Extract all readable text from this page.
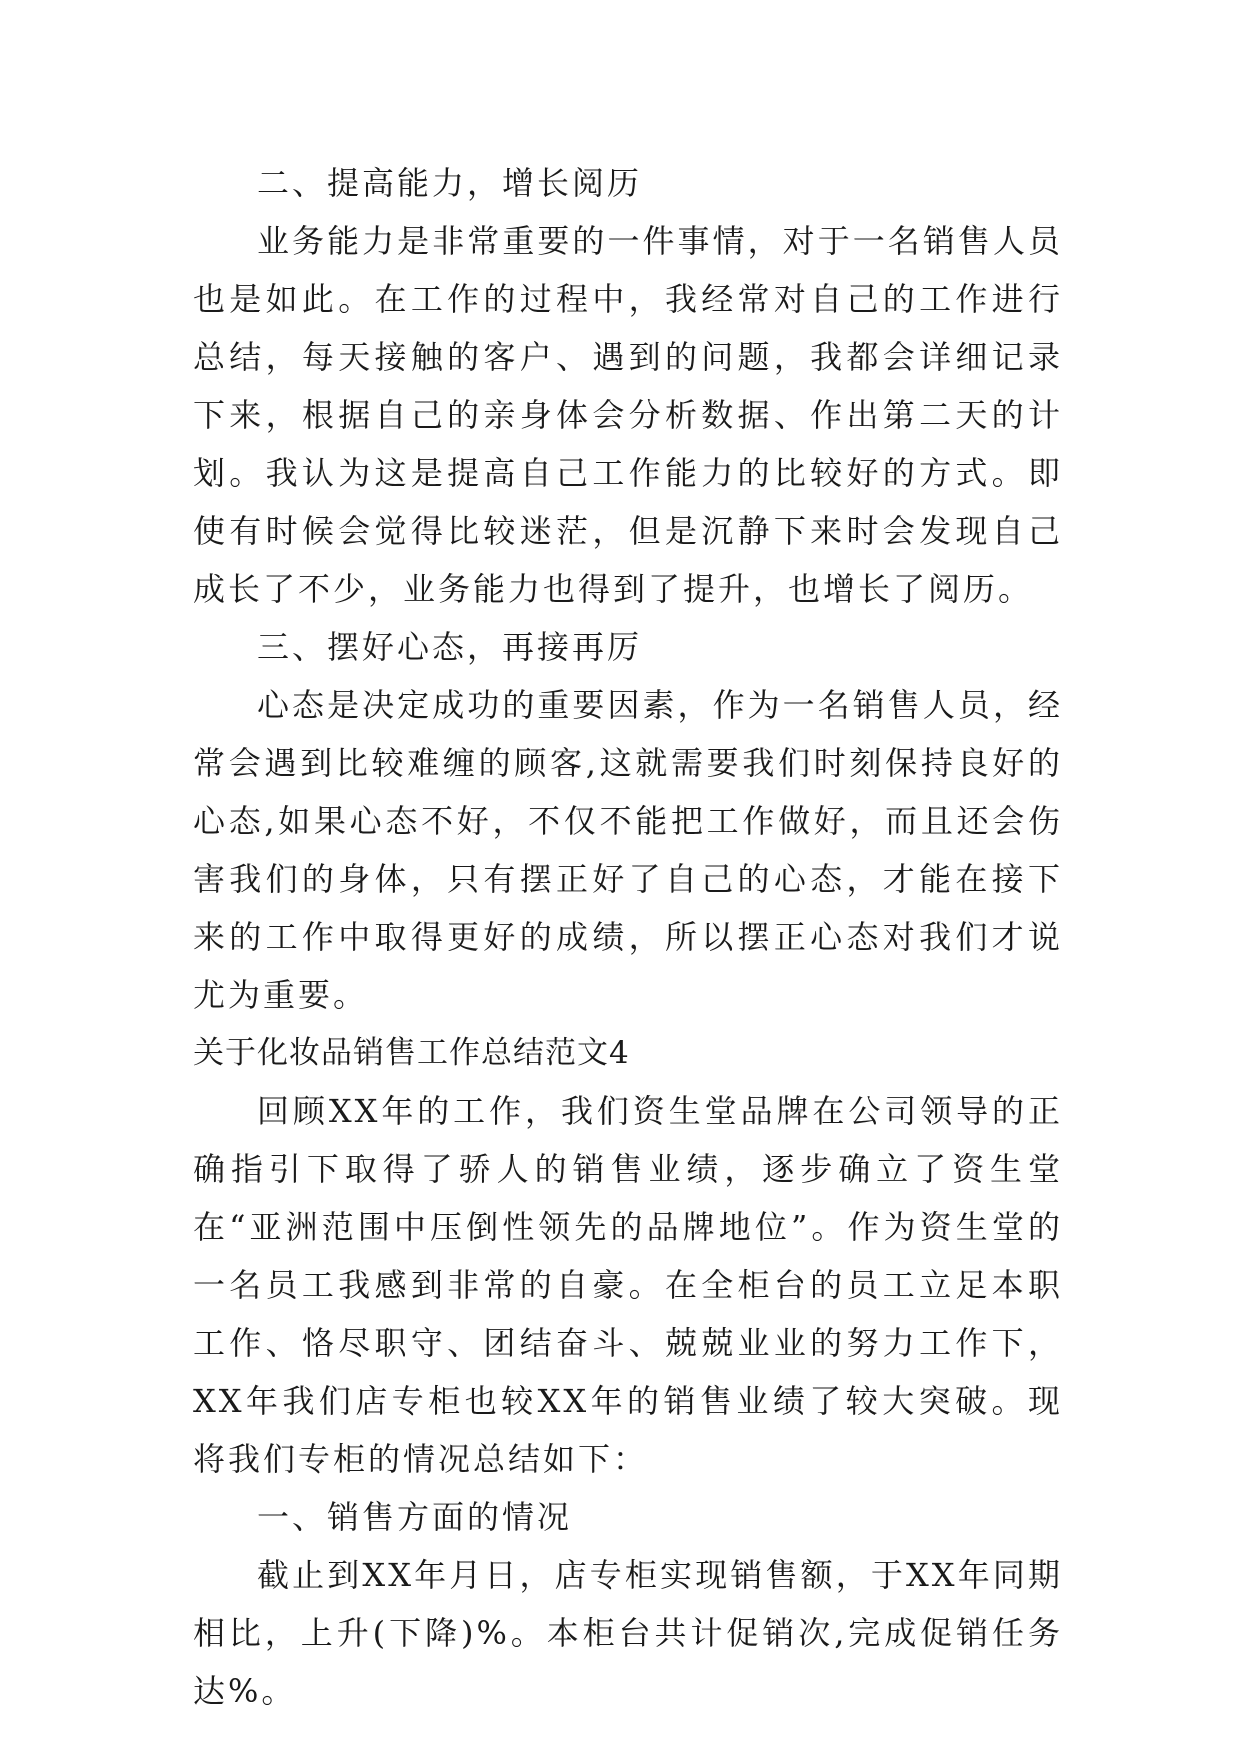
二、提高能力，增长阅历

业务能力是非常重要的一件事情，对于一名销售人员也是如此。在工作的过程中，我经常对自己的工作进行总结，每天接触的客户、遇到的问题，我都会详细记录下来，根据自己的亲身体会分析数据、作出第二天的计划。我认为这是提高自己工作能力的比较好的方式。即使有时候会觉得比较迷茫，但是沉静下来时会发现自己成长了不少，业务能力也得到了提升，也增长了阅历。

三、摆好心态，再接再厉

心态是决定成功的重要因素，作为一名销售人员，经常会遇到比较难缠的顾客,这就需要我们时刻保持良好的心态,如果心态不好，不仅不能把工作做好，而且还会伤害我们的身体，只有摆正好了自己的心态，才能在接下来的工作中取得更好的成绩，所以摆正心态对我们才说尤为重要。

关于化妆品销售工作总结范文4

回顾XX年的工作，我们资生堂品牌在公司领导的正确指引下取得了骄人的销售业绩，逐步确立了资生堂在“亚洲范围中压倒性领先的品牌地位”。作为资生堂的一名员工我感到非常的自豪。在全柜台的员工立足本职工作、恪尽职守、团结奋斗、兢兢业业的努力工作下，XX年我们店专柜也较XX年的销售业绩了较大突破。现将我们专柜的情况总结如下：

一、销售方面的情况

截止到XX年月日，店专柜实现销售额，于XX年同期相比，上升(下降)%。本柜台共计促销次,完成促销任务达%。
